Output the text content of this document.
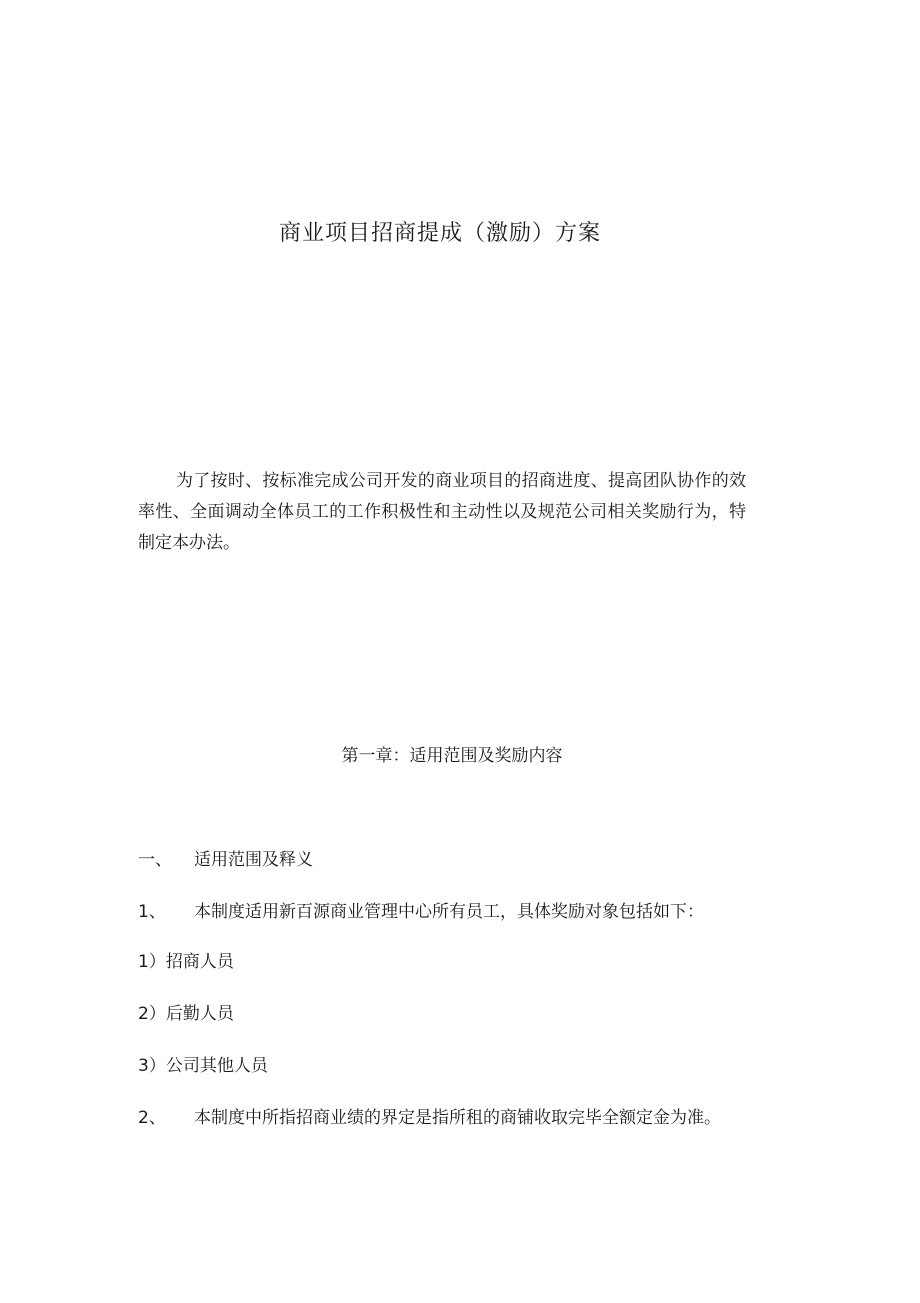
商业项目招商提成（激励）方案
为了按时、按标准完成公司开发的商业项目的招商进度、提高团队协作的效率性、全面调动全体员工的工作积极性和主动性以及规范公司相关奖励行为，特制定本办法。
第一章：适用范围及奖励内容
一、 适用范围及释义
1、 本制度适用新百源商业管理中心所有员工，具体奖励对象包括如下：
1）招商人员
2）后勤人员
3）公司其他人员
2、 本制度中所指招商业绩的界定是指所租的商铺收取完毕全额定金为准。
